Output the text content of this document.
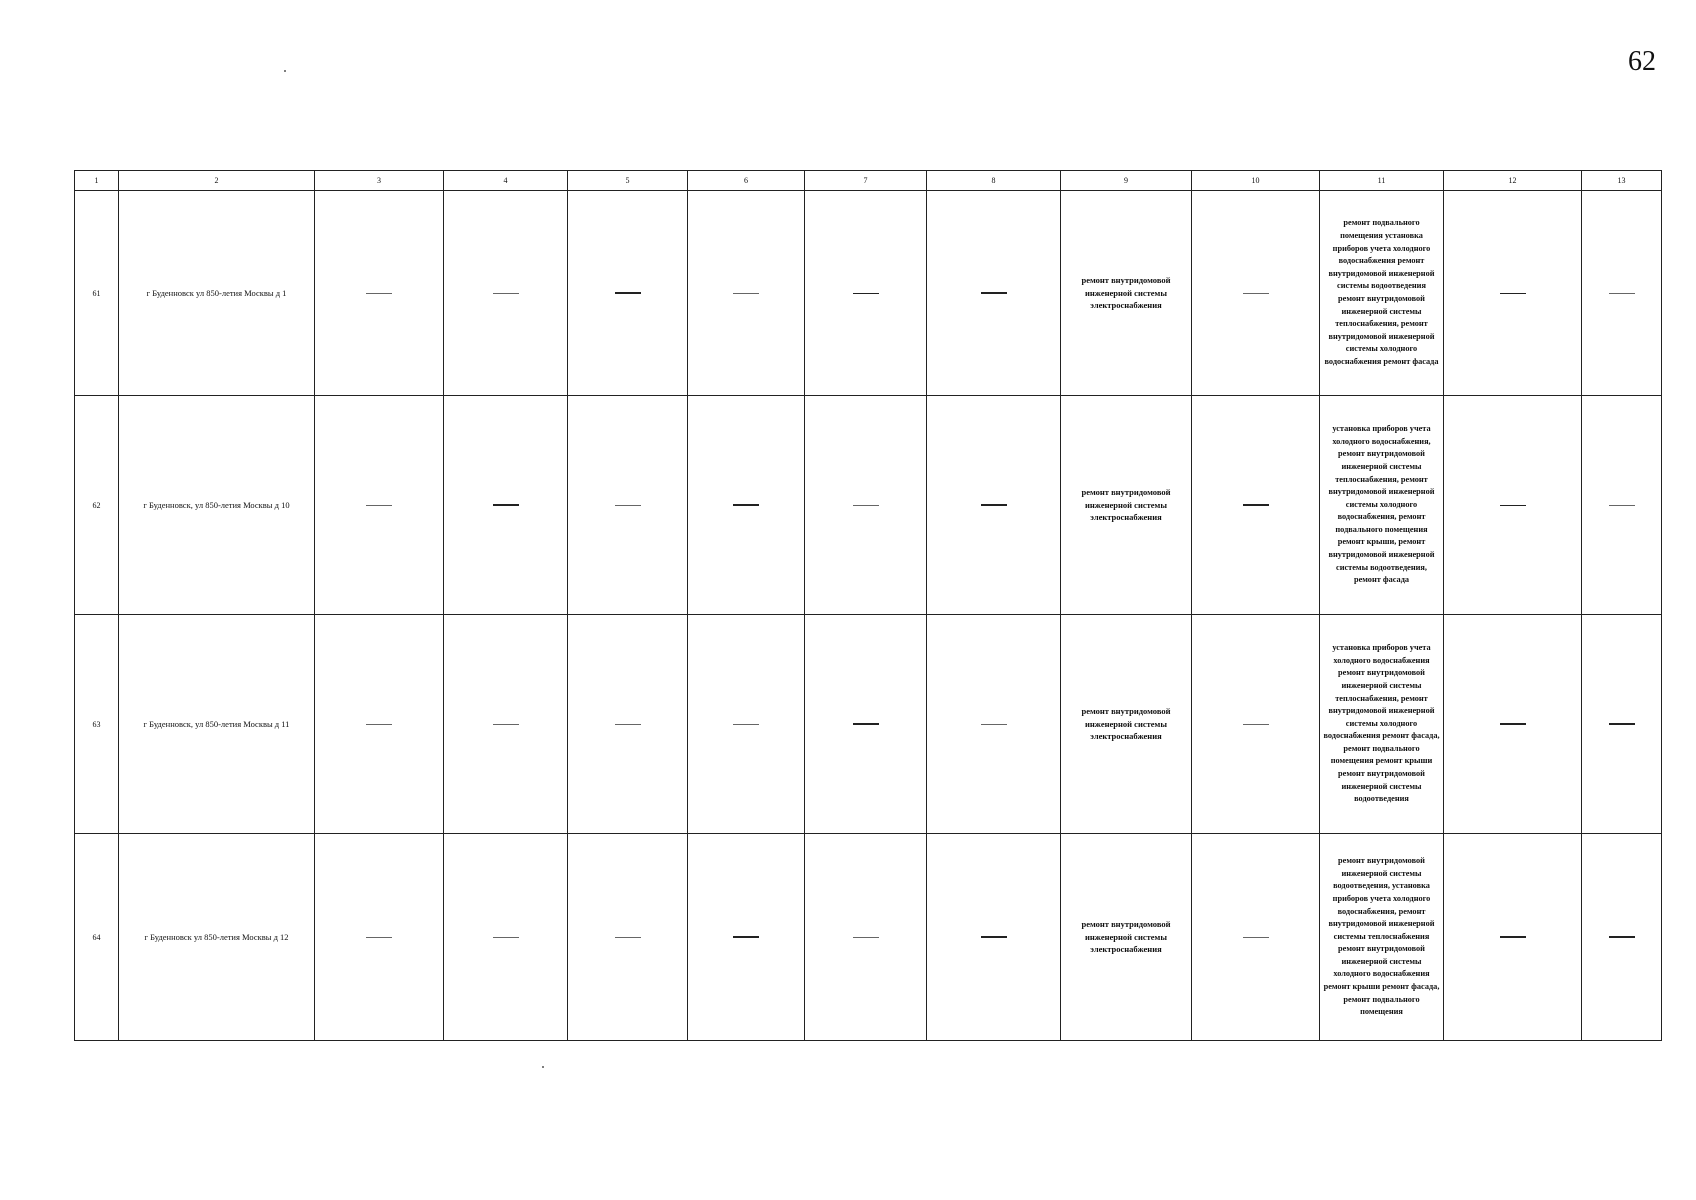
62
1	2	3	4	5	6	7	8	9	10	11	12	13
61	г Буденновск ул 850-летия Москвы д 1							ремонт внутридомовой инженерной системы электроснабжения		ремонт подвального помещения установка приборов учета холодного водоснабжения ремонт внутридомовой инженерной системы водоотведения ремонт внутридомовой инженерной системы теплоснабжения, ремонт внутридомовой инженерной системы холодного водоснабжения ремонт фасада		
62	г Буденновск, ул 850-летия Москвы д 10							ремонт внутридомовой инженерной системы электроснабжения		установка приборов учета холодного водоснабжения, ремонт внутридомовой инженерной системы теплоснабжения, ремонт внутридомовой инженерной системы холодного водоснабжения, ремонт подвального помещения ремонт крыши, ремонт внутридомовой инженерной системы водоотведения, ремонт фасада		
63	г Буденновск, ул 850-летия Москвы д 11							ремонт внутридомовой инженерной системы электроснабжения		установка приборов учета холодного водоснабжения ремонт внутридомовой инженерной системы теплоснабжения, ремонт внутридомовой инженерной системы холодного водоснабжения ремонт фасада, ремонт подвального помещения ремонт крыши ремонт внутридомовой инженерной системы водоотведения		
64	г Буденновск ул 850-летия Москвы д 12							ремонт внутридомовой инженерной системы электроснабжения		ремонт внутридомовой инженерной системы водоотведения, установка приборов учета холодного водоснабжения, ремонт внутридомовой инженерной системы теплоснабжения ремонт внутридомовой инженерной системы холодного водоснабжения ремонт крыши ремонт фасада, ремонт подвального помещения		
